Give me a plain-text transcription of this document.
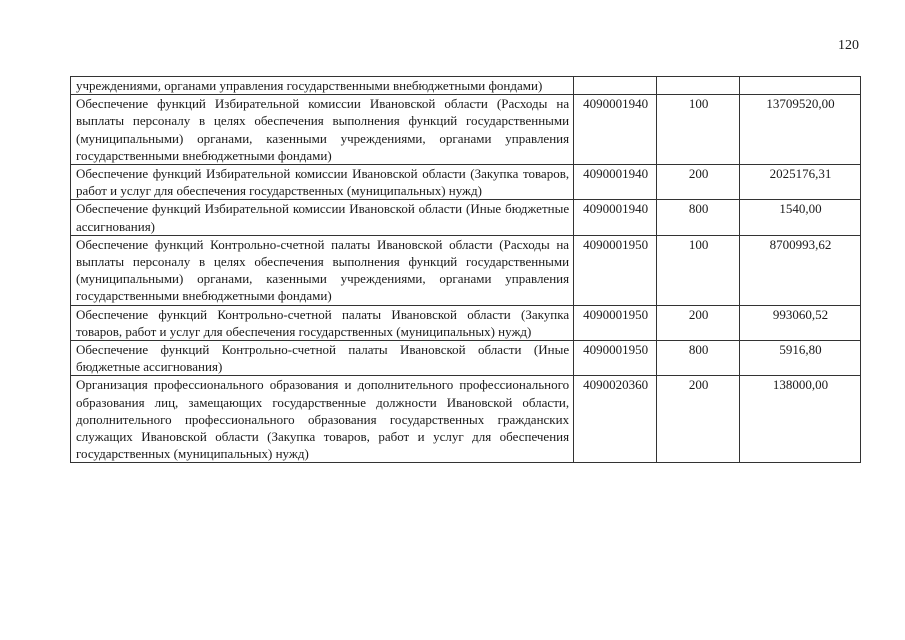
120
учреждениями, органами управления государственными внебюджетными фондами)			
Обеспечение функций Избирательной комиссии Ивановской области (Расходы на выплаты персоналу в целях обеспечения выполнения функций государственными (муниципальными) органами, казенными учреждениями, органами управления государственными внебюджетными фондами)	4090001940	100	13709520,00
Обеспечение функций Избирательной комиссии Ивановской области (Закупка товаров, работ и услуг для обеспечения государственных (муниципальных) нужд)	4090001940	200	2025176,31
Обеспечение функций Избирательной комиссии Ивановской области (Иные бюджетные ассигнования)	4090001940	800	1540,00
Обеспечение функций Контрольно-счетной палаты Ивановской области (Расходы на выплаты персоналу в целях обеспечения выполнения функций государственными (муниципальными) органами, казенными учреждениями, органами управления государственными внебюджетными фондами)	4090001950	100	8700993,62
Обеспечение функций Контрольно-счетной палаты Ивановской области (Закупка товаров, работ и услуг для обеспечения государственных (муниципальных) нужд)	4090001950	200	993060,52
Обеспечение функций Контрольно-счетной палаты Ивановской области (Иные бюджетные ассигнования)	4090001950	800	5916,80
Организация профессионального образования и дополнительного профессионального образования лиц, замещающих государственные должности Ивановской области, дополнительного профессионального образования государственных гражданских служащих Ивановской области (Закупка товаров, работ и услуг для обеспечения государственных (муниципальных) нужд)	4090020360	200	138000,00
